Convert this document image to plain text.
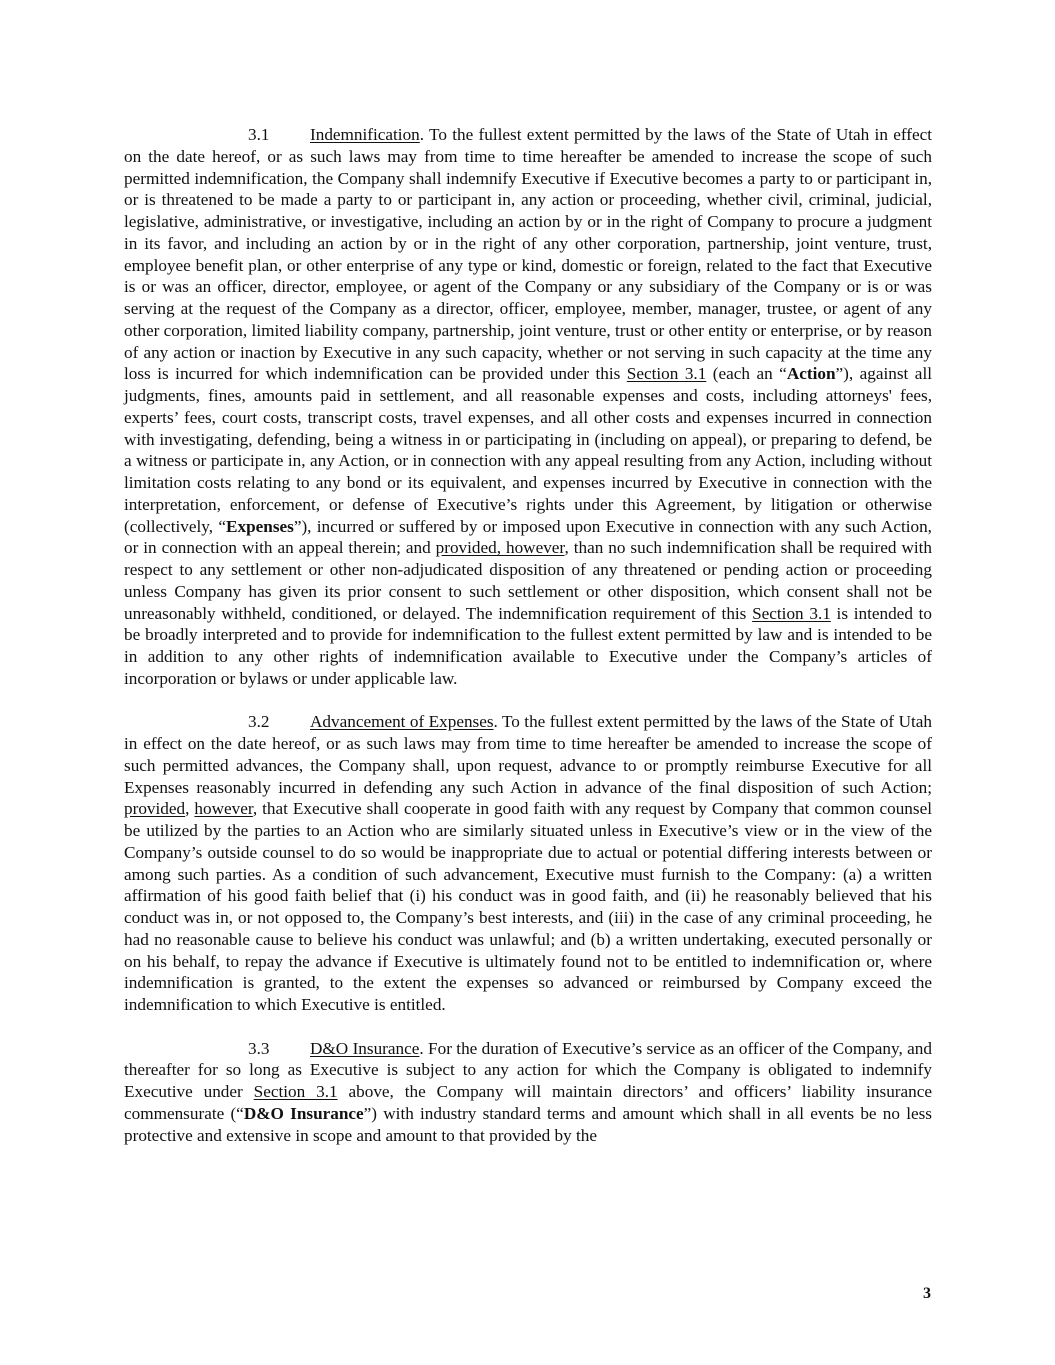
3.1 Indemnification. To the fullest extent permitted by the laws of the State of Utah in effect on the date hereof, or as such laws may from time to time hereafter be amended to increase the scope of such permitted indemnification, the Company shall indemnify Executive if Executive becomes a party to or participant in, or is threatened to be made a party to or participant in, any action or proceeding, whether civil, criminal, judicial, legislative, administrative, or investigative, including an action by or in the right of Company to procure a judgment in its favor, and including an action by or in the right of any other corporation, partnership, joint venture, trust, employee benefit plan, or other enterprise of any type or kind, domestic or foreign, related to the fact that Executive is or was an officer, director, employee, or agent of the Company or any subsidiary of the Company or is or was serving at the request of the Company as a director, officer, employee, member, manager, trustee, or agent of any other corporation, limited liability company, partnership, joint venture, trust or other entity or enterprise, or by reason of any action or inaction by Executive in any such capacity, whether or not serving in such capacity at the time any loss is incurred for which indemnification can be provided under this Section 3.1 (each an “Action”), against all judgments, fines, amounts paid in settlement, and all reasonable expenses and costs, including attorneys' fees, experts’ fees, court costs, transcript costs, travel expenses, and all other costs and expenses incurred in connection with investigating, defending, being a witness in or participating in (including on appeal), or preparing to defend, be a witness or participate in, any Action, or in connection with any appeal resulting from any Action, including without limitation costs relating to any bond or its equivalent, and expenses incurred by Executive in connection with the interpretation, enforcement, or defense of Executive’s rights under this Agreement, by litigation or otherwise (collectively, “Expenses”), incurred or suffered by or imposed upon Executive in connection with any such Action, or in connection with an appeal therein; and provided, however, than no such indemnification shall be required with respect to any settlement or other non-adjudicated disposition of any threatened or pending action or proceeding unless Company has given its prior consent to such settlement or other disposition, which consent shall not be unreasonably withheld, conditioned, or delayed. The indemnification requirement of this Section 3.1 is intended to be broadly interpreted and to provide for indemnification to the fullest extent permitted by law and is intended to be in addition to any other rights of indemnification available to Executive under the Company’s articles of incorporation or bylaws or under applicable law.

3.2 Advancement of Expenses. To the fullest extent permitted by the laws of the State of Utah in effect on the date hereof, or as such laws may from time to time hereafter be amended to increase the scope of such permitted advances, the Company shall, upon request, advance to or promptly reimburse Executive for all Expenses reasonably incurred in defending any such Action in advance of the final disposition of such Action; provided, however, that Executive shall cooperate in good faith with any request by Company that common counsel be utilized by the parties to an Action who are similarly situated unless in Executive’s view or in the view of the Company’s outside counsel to do so would be inappropriate due to actual or potential differing interests between or among such parties. As a condition of such advancement, Executive must furnish to the Company: (a) a written affirmation of his good faith belief that (i) his conduct was in good faith, and (ii) he reasonably believed that his conduct was in, or not opposed to, the Company’s best interests, and (iii) in the case of any criminal proceeding, he had no reasonable cause to believe his conduct was unlawful; and (b) a written undertaking, executed personally or on his behalf, to repay the advance if Executive is ultimately found not to be entitled to indemnification or, where indemnification is granted, to the extent the expenses so advanced or reimbursed by Company exceed the indemnification to which Executive is entitled.

3.3 D&O Insurance. For the duration of Executive’s service as an officer of the Company, and thereafter for so long as Executive is subject to any action for which the Company is obligated to indemnify Executive under Section 3.1 above, the Company will maintain directors’ and officers’ liability insurance commensurate (“D&O Insurance”) with industry standard terms and amount which shall in all events be no less protective and extensive in scope and amount to that provided by the

3
